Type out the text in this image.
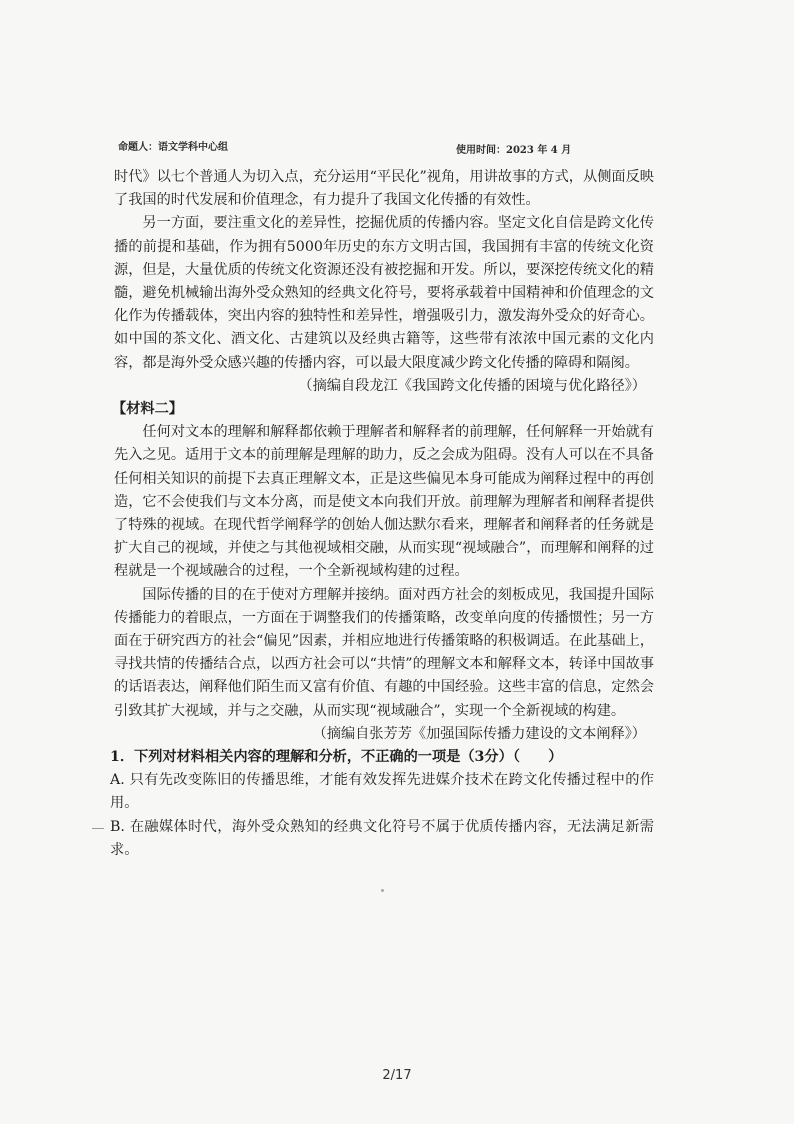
命题人：语文学科中心组	使用时间：2023 年 4 月

时代》以七个普通人为切入点，充分运用“平民化”视角，用讲故事的方式，从侧面反映了我国的时代发展和价值理念，有力提升了我国文化传播的有效性。

另一方面，要注重文化的差异性，挖掘优质的传播内容。坚定文化自信是跨文化传播的前提和基础，作为拥有5000年历史的东方文明古国，我国拥有丰富的传统文化资源，但是，大量优质的传统文化资源还没有被挖掘和开发。所以，要深挖传统文化的精髓，避免机械输出海外受众熟知的经典文化符号，要将承载着中国精神和价值理念的文化作为传播载体，突出内容的独特性和差异性，增强吸引力，激发海外受众的好奇心。如中国的茶文化、酒文化、古建筑以及经典古籍等，这些带有浓浓中国元素的文化内容，都是海外受众感兴趣的传播内容，可以最大限度减少跨文化传播的障碍和隔阂。

（摘编自段龙江《我国跨文化传播的困境与优化路径》）

【材料二】

任何对文本的理解和解释都依赖于理解者和解释者的前理解，任何解释一开始就有先入之见。适用于文本的前理解是理解的助力，反之会成为阻碍。没有人可以在不具备任何相关知识的前提下去真正理解文本，正是这些偏见本身可能成为阐释过程中的再创造，它不会使我们与文本分离，而是使文本向我们开放。前理解为理解者和阐释者提供了特殊的视域。在现代哲学阐释学的创始人伽达默尔看来，理解者和阐释者的任务就是扩大自己的视域，并使之与其他视域相交融，从而实现“视域融合”，而理解和阐释的过程就是一个视域融合的过程，一个全新视域构建的过程。

国际传播的目的在于使对方理解并接纳。面对西方社会的刻板成见，我国提升国际传播能力的着眼点，一方面在于调整我们的传播策略，改变单向度的传播惯性；另一方面在于研究西方的社会“偏见”因素，并相应地进行传播策略的积极调适。在此基础上，寻找共情的传播结合点，以西方社会可以“共情”的理解文本和解释文本，转译中国故事的话语表达，阐释他们陌生而又富有价值、有趣的中国经验。这些丰富的信息，定然会引致其扩大视域，并与之交融，从而实现“视域融合”，实现一个全新视域的构建。

（摘编自张芳芳《加强国际传播力建设的文本阐释》）

1．下列对材料相关内容的理解和分析，不正确的一项是（3分）（　　）

A. 只有先改变陈旧的传播思维，才能有效发挥先进媒介技术在跨文化传播过程中的作用。

B. 在融媒体时代，海外受众熟知的经典文化符号不属于优质传播内容，无法满足新需求。

2/17
